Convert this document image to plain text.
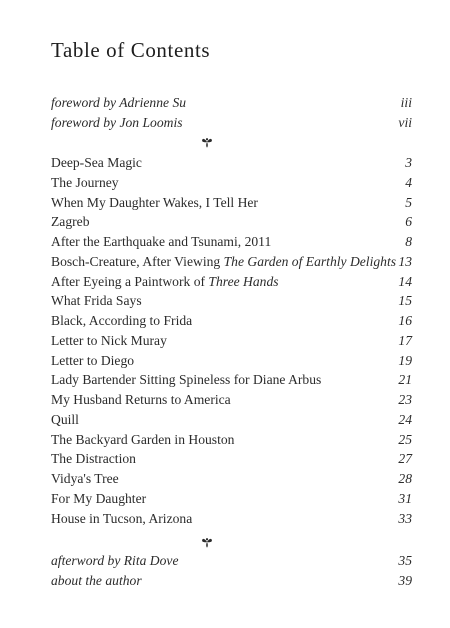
Table of Contents
foreword by Adrienne Su	iii
foreword by Jon Loomis	vii
Deep-Sea Magic	3
The Journey	4
When My Daughter Wakes, I Tell Her	5
Zagreb	6
After the Earthquake and Tsunami, 2011	8
Bosch-Creature, After Viewing The Garden of Earthly Delights 13
After Eyeing a Paintwork of Three Hands	14
What Frida Says	15
Black, According to Frida	16
Letter to Nick Muray	17
Letter to Diego	19
Lady Bartender Sitting Spineless for Diane Arbus	21
My Husband Returns to America	23
Quill	24
The Backyard Garden in Houston	25
The Distraction	27
Vidya's Tree	28
For My Daughter	31
House in Tucson, Arizona	33
afterword by Rita Dove	35
about the author	39
